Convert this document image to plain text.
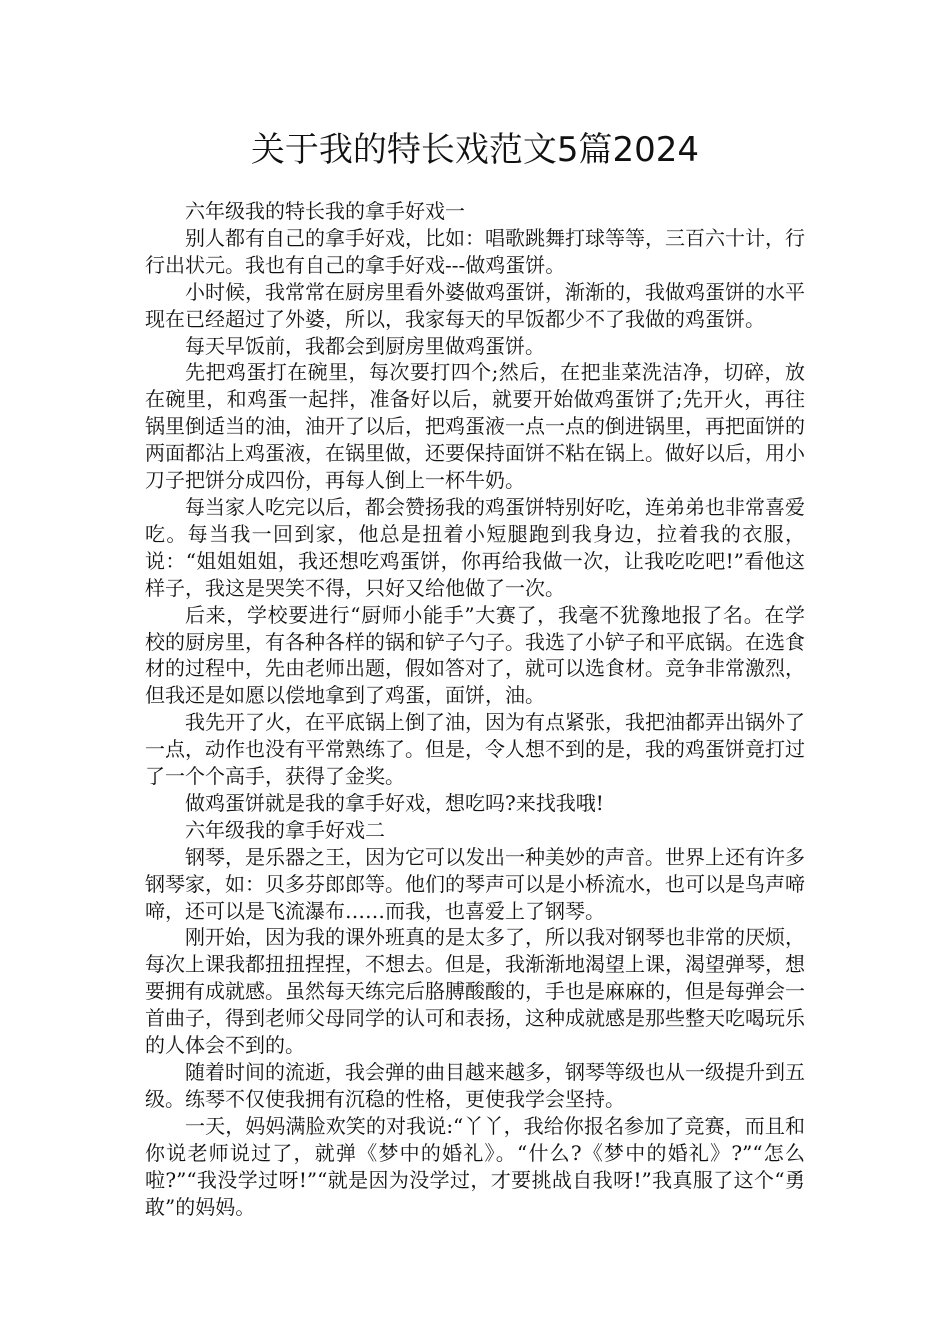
关于我的特长戏范文5篇2024

六年级我的特长我的拿手好戏一

别人都有自己的拿手好戏，比如：唱歌跳舞打球等等，三百六十计，行行出状元。我也有自己的拿手好戏---做鸡蛋饼。

小时候，我常常在厨房里看外婆做鸡蛋饼，渐渐的，我做鸡蛋饼的水平现在已经超过了外婆，所以，我家每天的早饭都少不了我做的鸡蛋饼。

每天早饭前，我都会到厨房里做鸡蛋饼。

先把鸡蛋打在碗里，每次要打四个;然后，在把韭菜洗洁净，切碎，放在碗里，和鸡蛋一起拌，准备好以后，就要开始做鸡蛋饼了;先开火，再往锅里倒适当的油，油开了以后，把鸡蛋液一点一点的倒进锅里，再把面饼的两面都沾上鸡蛋液，在锅里做，还要保持面饼不粘在锅上。做好以后，用小刀子把饼分成四份，再每人倒上一杯牛奶。

每当家人吃完以后，都会赞扬我的鸡蛋饼特别好吃，连弟弟也非常喜爱吃。每当我一回到家，他总是扭着小短腿跑到我身边，拉着我的衣服，说：“姐姐姐姐，我还想吃鸡蛋饼，你再给我做一次，让我吃吃吧!”看他这样子，我这是哭笑不得，只好又给他做了一次。

后来，学校要进行“厨师小能手”大赛了，我毫不犹豫地报了名。在学校的厨房里，有各种各样的锅和铲子勺子。我选了小铲子和平底锅。在选食材的过程中，先由老师出题，假如答对了，就可以选食材。竞争非常激烈，但我还是如愿以偿地拿到了鸡蛋，面饼，油。

我先开了火，在平底锅上倒了油，因为有点紧张，我把油都弄出锅外了一点，动作也没有平常熟练了。但是，令人想不到的是，我的鸡蛋饼竟打过了一个个高手，获得了金奖。

做鸡蛋饼就是我的拿手好戏，想吃吗?来找我哦!

六年级我的拿手好戏二

钢琴，是乐器之王，因为它可以发出一种美妙的声音。世界上还有许多钢琴家，如：贝多芬郎郎等。他们的琴声可以是小桥流水，也可以是鸟声啼啼，还可以是飞流瀑布……而我，也喜爱上了钢琴。

刚开始，因为我的课外班真的是太多了，所以我对钢琴也非常的厌烦，每次上课我都扭扭捏捏，不想去。但是，我渐渐地渴望上课，渴望弹琴，想要拥有成就感。虽然每天练完后胳膊酸酸的，手也是麻麻的，但是每弹会一首曲子，得到老师父母同学的认可和表扬，这种成就感是那些整天吃喝玩乐的人体会不到的。

随着时间的流逝，我会弹的曲目越来越多，钢琴等级也从一级提升到五级。练琴不仅使我拥有沉稳的性格，更使我学会坚持。

一天，妈妈满脸欢笑的对我说:“丫丫，我给你报名参加了竞赛，而且和你说老师说过了，就弹《梦中的婚礼》。“什么?《梦中的婚礼》?”“怎么啦?”“我没学过呀!”“就是因为没学过，才要挑战自我呀!”我真服了这个“勇敢”的妈妈。
